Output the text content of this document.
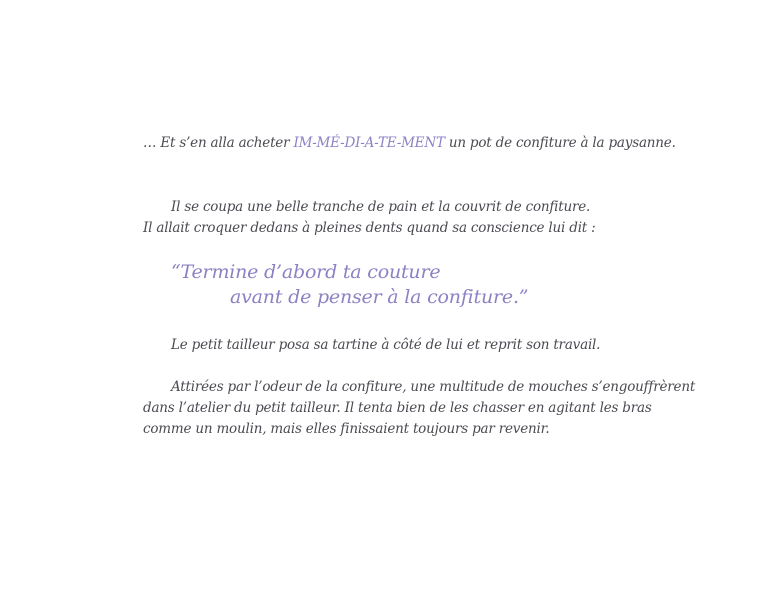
… Et s’en alla acheter IM-MÉ-DI-A-TE-MENT un pot de confiture à la paysanne.
Il se coupa une belle tranche de pain et la couvrit de confiture.
Il allait croquer dedans à pleines dents quand sa conscience lui dit :
“Termine d’abord ta couture
avant de penser à la confiture.”
Le petit tailleur posa sa tartine à côté de lui et reprit son travail.
Attirées par l’odeur de la confiture, une multitude de mouches s’engouffrèrent
dans l’atelier du petit tailleur. Il tenta bien de les chasser en agitant les bras
comme un moulin, mais elles finissaient toujours par revenir.
